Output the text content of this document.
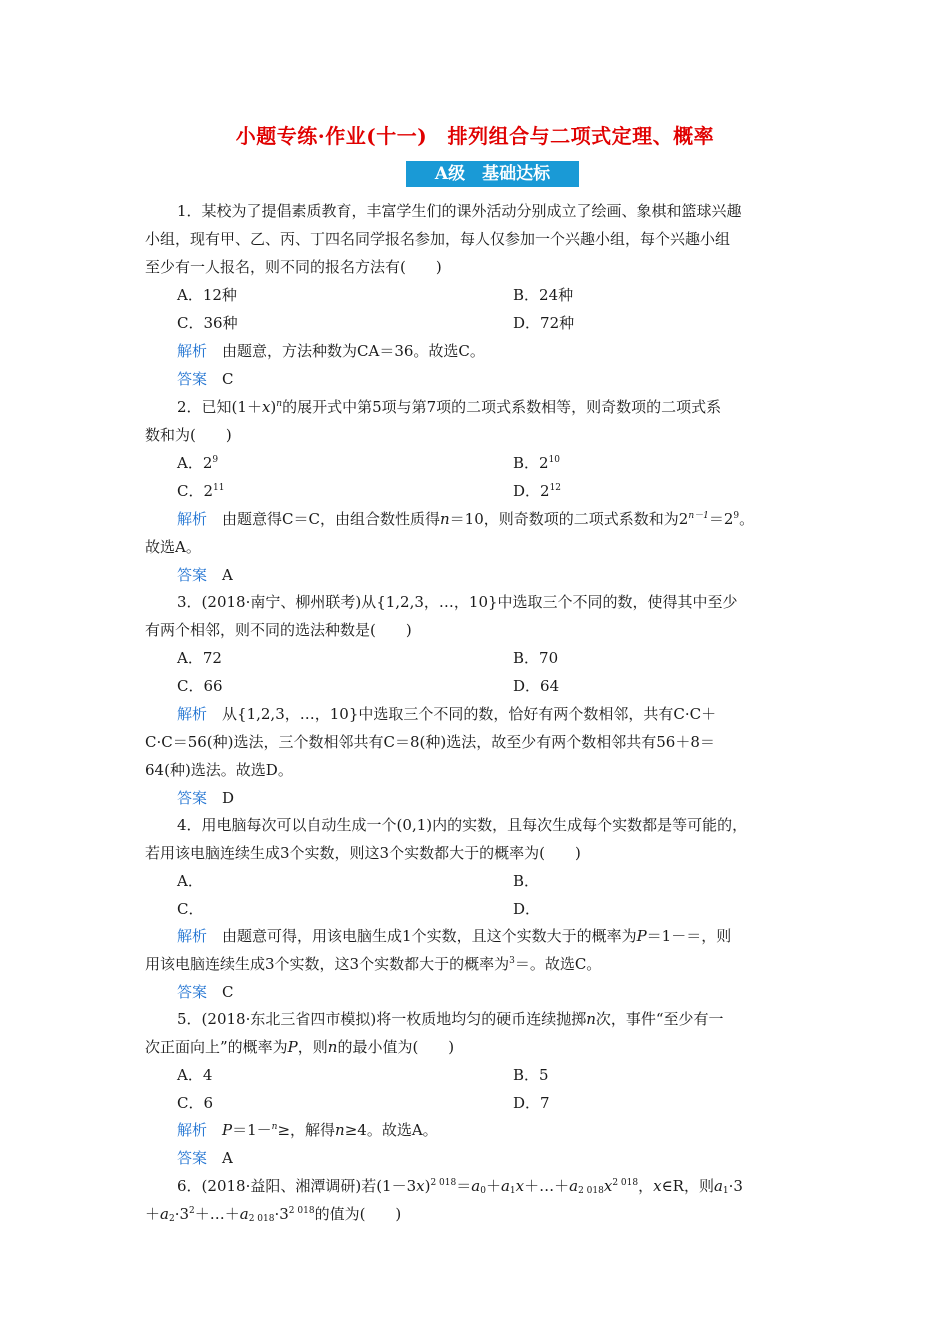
小题专练·作业(十一)　排列组合与二项式定理、概率
A级　基础达标
1．某校为了提倡素质教育，丰富学生们的课外活动分别成立了绘画、象棋和篮球兴趣
小组，现有甲、乙、丙、丁四名同学报名参加，每人仅参加一个兴趣小组，每个兴趣小组
至少有一人报名，则不同的报名方法有(　　)
A．12种	B．24种
C．36种	D．72种
解析　 由题意，方法种数为CA＝36。故选C。
答案　 C
2．已知$(1+x)^n$的展开式中第5项与第7项的二项式系数相等，则奇数项的二项式系
数和为(　　)
A．$2^9$	B．$2^{10}$
C．$2^{11}$	D．$2^{12}$
解析　 由题意得C＝C，由组合数性质得n＝10，则奇数项的二项式系数和为$2^{n-1}=2^9$。
故选A。
答案　 A
3．(2018·南宁、柳州联考)从{1,2,3，…，10}中选取三个不同的数，使得其中至少
有两个相邻，则不同的选法种数是(　　)
A．72	B．70
C．66	D．64
解析　 从{1,2,3，…，10}中选取三个不同的数，恰好有两个数相邻，共有C·C＋
C·C＝56(种)选法，三个数相邻共有C＝8(种)选法，故至少有两个数相邻共有56＋8＝
64(种)选法。故选D。
答案　 D
4．用电脑每次可以自动生成一个(0,1)内的实数，且每次生成每个实数都是等可能的，
若用该电脑连续生成3个实数，则这3个实数都大于的概率为(　　)
A．	B．
C．	D．
解析　 由题意可得，用该电脑生成1个实数，且这个实数大于的概率为P＝1－＝，则
用该电脑连续生成3个实数，这3个实数都大于的概率为$^3$＝。故选C。
答案　 C
5．(2018·东北三省四市模拟)将一枚质地均匀的硬币连续抛掷n次，事件“至少有一
次正面向上”的概率为P，则n的最小值为(　　)
A．4	B．5
C．6	D．7
解析　 P＝1－$^n$≥，解得n≥4。故选A。
答案　 A
6．(2018·益阳、湘潭调研)若$(1-3x)^{2 018}=a_0+a_1x+\dots+a_{2 018}x^{2 018}$，x∈R，则$a_1\cdot 3$
$+a_2\cdot 3^2+\dots+a_{2 018}\cdot 3^{2 018}$的值为(　　)
